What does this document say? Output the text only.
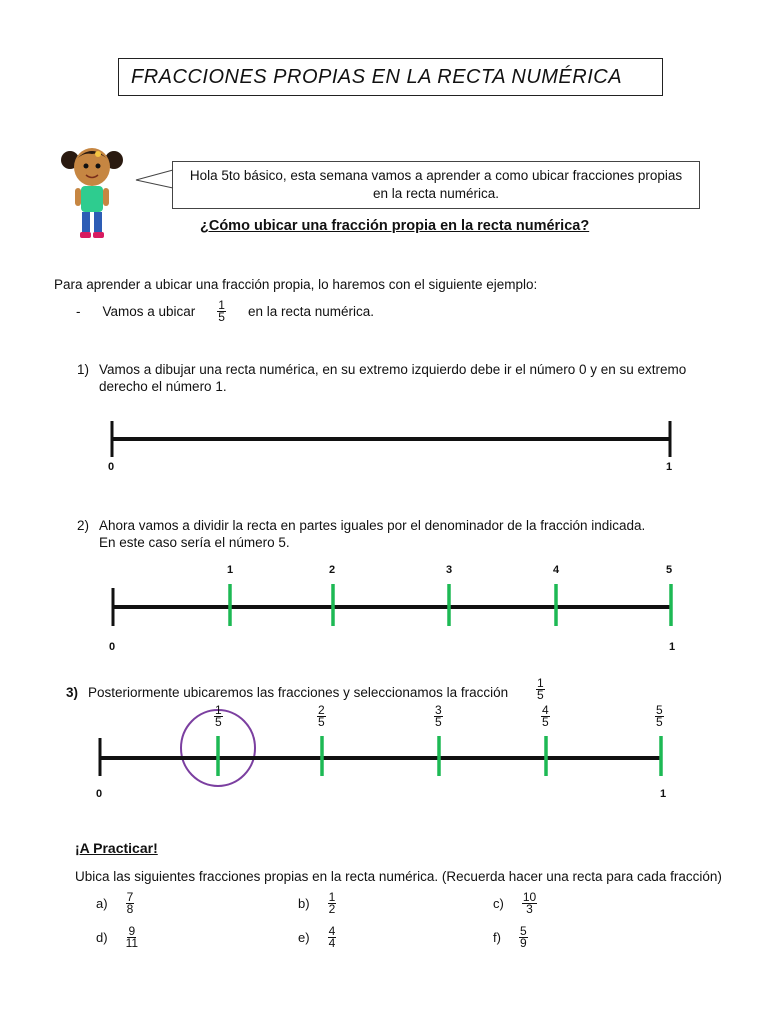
FRACCIONES PROPIAS EN LA RECTA NUMÉRICA
Hola 5to básico, esta semana vamos a aprender a como ubicar fracciones propias
en la recta numérica.
¿Cómo ubicar una fracción propia en la recta numérica?
Para aprender a ubicar una fracción propia, lo haremos con el siguiente ejemplo:
- Vamos a ubicar $\frac{1}{5}$ en la recta numérica.
1) Vamos a dibujar una recta numérica, en su extremo izquierdo debe ir el número 0 y en su extremo
derecho el número 1.
0	1
2) Ahora vamos a dividir la recta en partes iguales por el denominador de la fracción indicada.
En este caso sería el número 5.
1	2	3	4	5
0	1
3) Posteriormente ubicaremos las fracciones y seleccionamos la fracción $\frac{1}{5}$
$\frac{1}{5}$	$\frac{2}{5}$	$\frac{3}{5}$	$\frac{4}{5}$	$\frac{5}{5}$
0	1
¡A Practicar!
Ubica las siguientes fracciones propias en la recta numérica. (Recuerda hacer una recta para cada fracción)
$a) \frac{7}{8}$	$b) \frac{1}{2}$	$c) \frac{10}{3}$
$d) \frac{9}{11}$	$e) \frac{4}{4}$	$f) \frac{5}{9}$
